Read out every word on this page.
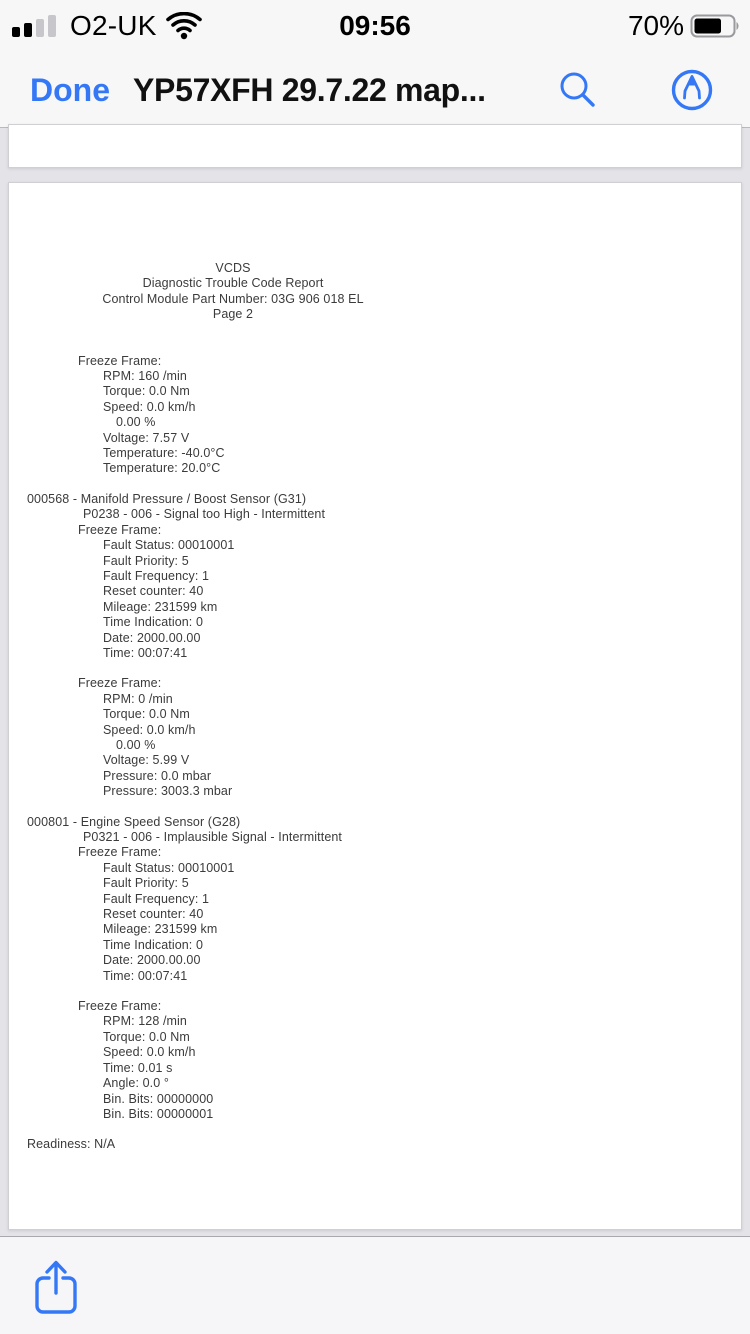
O2-UK	09:56	70%
Done YP57XFH 29.7.22 map...
VCDS
Diagnostic Trouble Code Report
Control Module Part Number: 03G 906 018 EL
Page 2
Freeze Frame:
RPM: 160 /min
Torque: 0.0 Nm
Speed: 0.0 km/h
0.00 %
Voltage: 7.57 V
Temperature: -40.0°C
Temperature: 20.0°C
000568 - Manifold Pressure / Boost Sensor (G31)
P0238 - 006 - Signal too High - Intermittent
Freeze Frame:
Fault Status: 00010001
Fault Priority: 5
Fault Frequency: 1
Reset counter: 40
Mileage: 231599 km
Time Indication: 0
Date: 2000.00.00
Time: 00:07:41
Freeze Frame:
RPM: 0 /min
Torque: 0.0 Nm
Speed: 0.0 km/h
0.00 %
Voltage: 5.99 V
Pressure: 0.0 mbar
Pressure: 3003.3 mbar
000801 - Engine Speed Sensor (G28)
P0321 - 006 - Implausible Signal - Intermittent
Freeze Frame:
Fault Status: 00010001
Fault Priority: 5
Fault Frequency: 1
Reset counter: 40
Mileage: 231599 km
Time Indication: 0
Date: 2000.00.00
Time: 00:07:41
Freeze Frame:
RPM: 128 /min
Torque: 0.0 Nm
Speed: 0.0 km/h
Time: 0.01 s
Angle: 0.0 °
Bin. Bits: 00000000
Bin. Bits: 00000001
Readiness: N/A
